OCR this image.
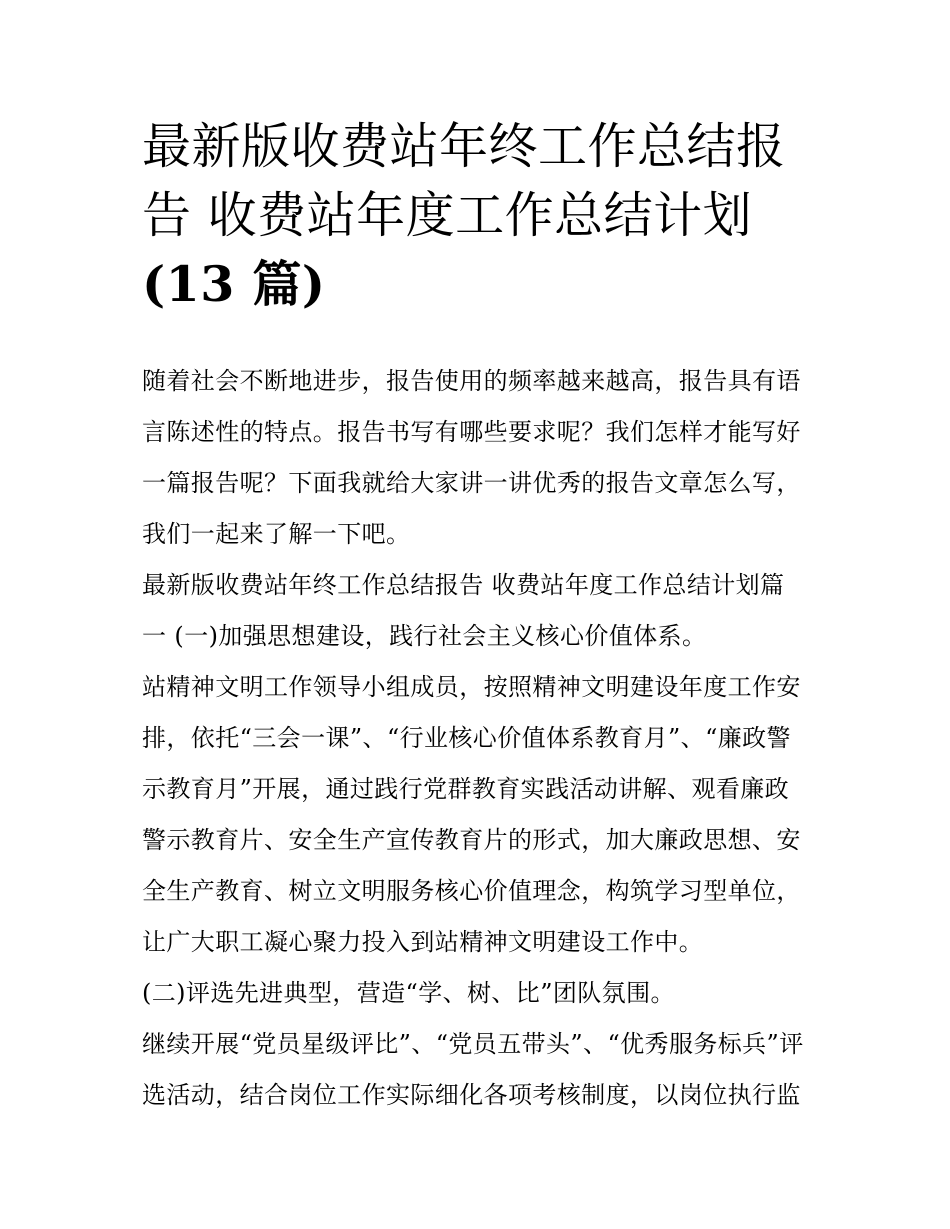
最新版收费站年终工作总结报
告 收费站年度工作总结计划
(13 篇)
随着社会不断地进步，报告使用的频率越来越高，报告具有语
言陈述性的特点。报告书写有哪些要求呢？我们怎样才能写好
一篇报告呢？下面我就给大家讲一讲优秀的报告文章怎么写，
我们一起来了解一下吧。
最新版收费站年终工作总结报告 收费站年度工作总结计划篇
一 (一)加强思想建设，践行社会主义核心价值体系。
站精神文明工作领导小组成员，按照精神文明建设年度工作安
排，依托“三会一课”、“行业核心价值体系教育月”、“廉政警
示教育月”开展，通过践行党群教育实践活动讲解、观看廉政
警示教育片、安全生产宣传教育片的形式，加大廉政思想、安
全生产教育、树立文明服务核心价值理念，构筑学习型单位，
让广大职工凝心聚力投入到站精神文明建设工作中。
(二)评选先进典型，营造“学、树、比”团队氛围。
继续开展“党员星级评比”、“党员五带头”、“优秀服务标兵”评
选活动，结合岗位工作实际细化各项考核制度，以岗位执行监
